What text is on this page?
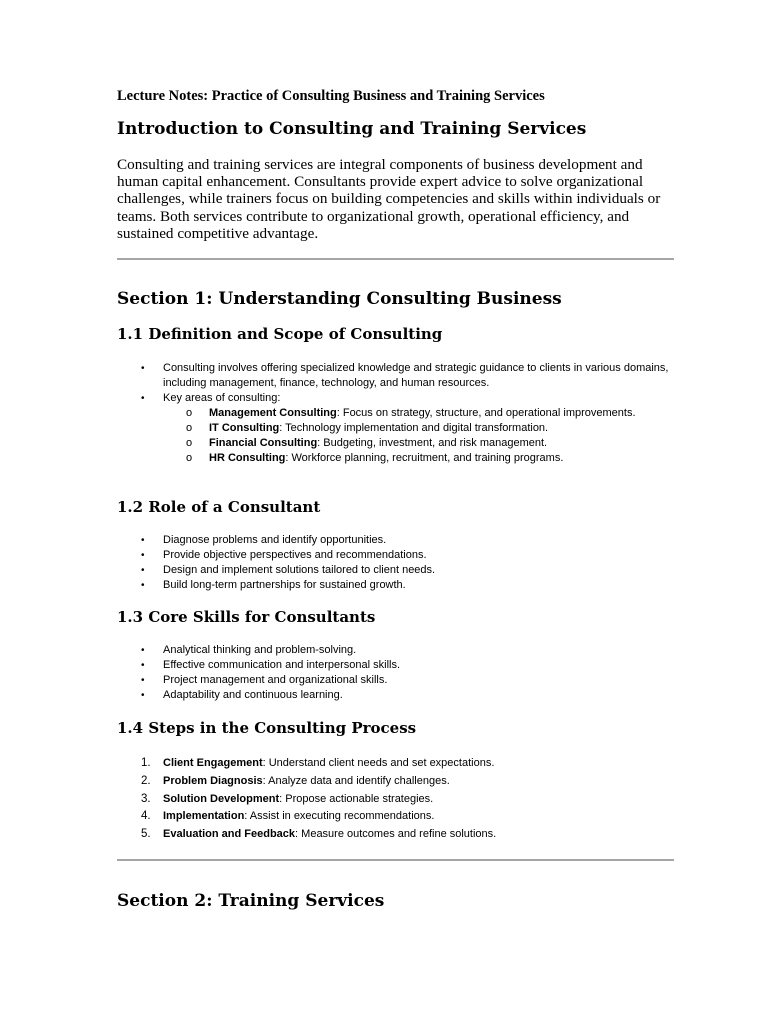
Lecture Notes: Practice of Consulting Business and Training Services

Introduction to Consulting and Training Services

Consulting and training services are integral components of business development and human capital enhancement. Consultants provide expert advice to solve organizational challenges, while trainers focus on building competencies and skills within individuals or teams. Both services contribute to organizational growth, operational efficiency, and sustained competitive advantage.

Section 1: Understanding Consulting Business
1.1 Definition and Scope of Consulting
• Consulting involves offering specialized knowledge and strategic guidance to clients in various domains, including management, finance, technology, and human resources.
• Key areas of consulting:
o Management Consulting: Focus on strategy, structure, and operational improvements.
o IT Consulting: Technology implementation and digital transformation.
o Financial Consulting: Budgeting, investment, and risk management.
o HR Consulting: Workforce planning, recruitment, and training programs.
1.2 Role of a Consultant
• Diagnose problems and identify opportunities.
• Provide objective perspectives and recommendations.
• Design and implement solutions tailored to client needs.
• Build long-term partnerships for sustained growth.
1.3 Core Skills for Consultants
• Analytical thinking and problem-solving.
• Effective communication and interpersonal skills.
• Project management and organizational skills.
• Adaptability and continuous learning.
1.4 Steps in the Consulting Process
1. Client Engagement: Understand client needs and set expectations.
2. Problem Diagnosis: Analyze data and identify challenges.
3. Solution Development: Propose actionable strategies.
4. Implementation: Assist in executing recommendations.
5. Evaluation and Feedback: Measure outcomes and refine solutions.
Section 2: Training Services
